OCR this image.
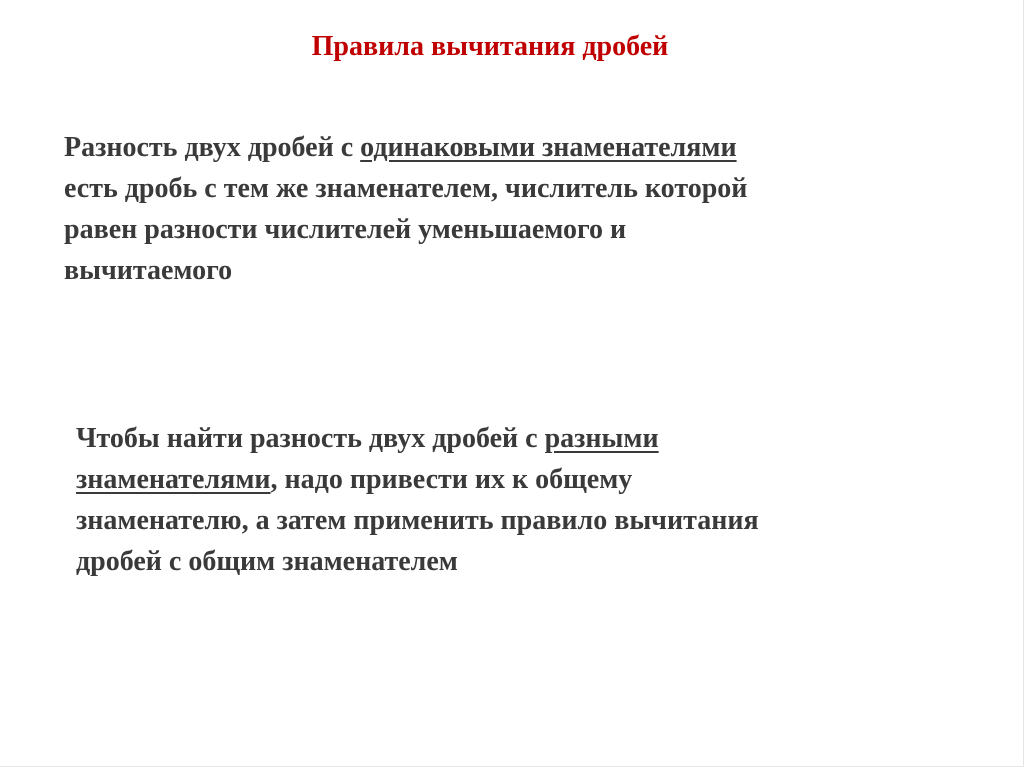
Правила вычитания дробей
Разность двух дробей с одинаковыми знаменателями
есть дробь с тем же знаменателем, числитель которой
равен разности числителей уменьшаемого и
вычитаемого
Чтобы найти разность двух дробей с разными
знаменателями, надо привести их к общему
знаменателю, а затем применить правило вычитания
дробей с общим знаменателем
